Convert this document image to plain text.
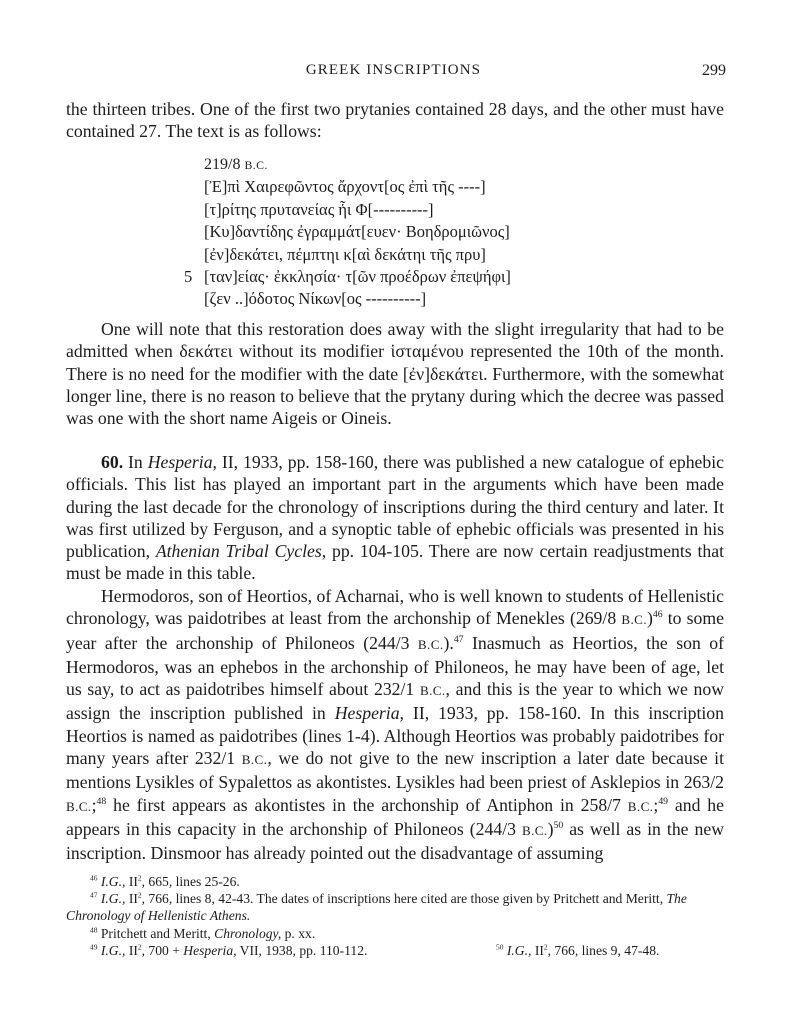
GREEK INSCRIPTIONS	299

the thirteen tribes. One of the first two prytanies contained 28 days, and the other must have contained 27. The text is as follows:

219/8 B.C.
[Ἐ]πὶ Χαιρεφῶντος ἄρχοντ[ος ἐπὶ τῆς ----]
[τ]ρίτης πρυτανείας ἧι Φ[----------]
[Κυ]δαντίδης ἐγραμμάτ[ευεν· Βοηδρομιῶνος]
[ἐν]δεκάτει, πέμπτηι κ[αὶ δεκάτηι τῆς πρυ]
5 [ταν]είας· ἐκκλησία· τ[ῶν προέδρων ἐπεψήφι]
[ζεν ..]όδοτος Νίκων[ος ----------]

One will note that this restoration does away with the slight irregularity that had to be admitted when δεκάτει without its modifier ἱσταμένου represented the 10th of the month. There is no need for the modifier with the date [ἐν]δεκάτει. Furthermore, with the somewhat longer line, there is no reason to believe that the prytany during which the decree was passed was one with the short name Aigeis or Oineis.

60. In Hesperia, II, 1933, pp. 158-160, there was published a new catalogue of ephebic officials. This list has played an important part in the arguments which have been made during the last decade for the chronology of inscriptions during the third century and later. It was first utilized by Ferguson, and a synoptic table of ephebic officials was presented in his publication, Athenian Tribal Cycles, pp. 104-105. There are now certain readjustments that must be made in this table.

Hermodoros, son of Heortios, of Acharnai, who is well known to students of Hellenistic chronology, was paidotribes at least from the archonship of Menekles (269/8 B.C.)$^{46}$ to some year after the archonship of Philoneos (244/3 B.C.).$^{47}$ Inasmuch as Heortios, the son of Hermodoros, was an ephebos in the archonship of Philoneos, he may have been of age, let us say, to act as paidotribes himself about 232/1 B.C., and this is the year to which we now assign the inscription published in Hesperia, II, 1933, pp. 158-160. In this inscription Heortios is named as paidotribes (lines 1-4). Although Heortios was probably paidotribes for many years after 232/1 B.C., we do not give to the new inscription a later date because it mentions Lysikles of Sypalettos as akontistes. Lysikles had been priest of Asklepios in 263/2 B.C.;$^{48}$ he first appears as akontistes in the archonship of Antiphon in 258/7 B.C.;$^{49}$ and he appears in this capacity in the archonship of Philoneos (244/3 B.C.)$^{50}$ as well as in the new inscription. Dinsmoor has already pointed out the disadvantage of assuming

$^{46}$ I.G., $II^2$, 665, lines 25-26.

$^{47}$ I.G., $II^2$, 766, lines 8, 42-43. The dates of inscriptions here cited are those given by Pritchett and Meritt, The Chronology of Hellenistic Athens.

$^{48}$ Pritchett and Meritt, Chronology, p. xx.

$^{49}$ I.G., $II^2$, 700 + Hesperia, VII, 1938, pp. 110-112.	$^{50}$ I.G., $II^2$, 766, lines 9, 47-48.
